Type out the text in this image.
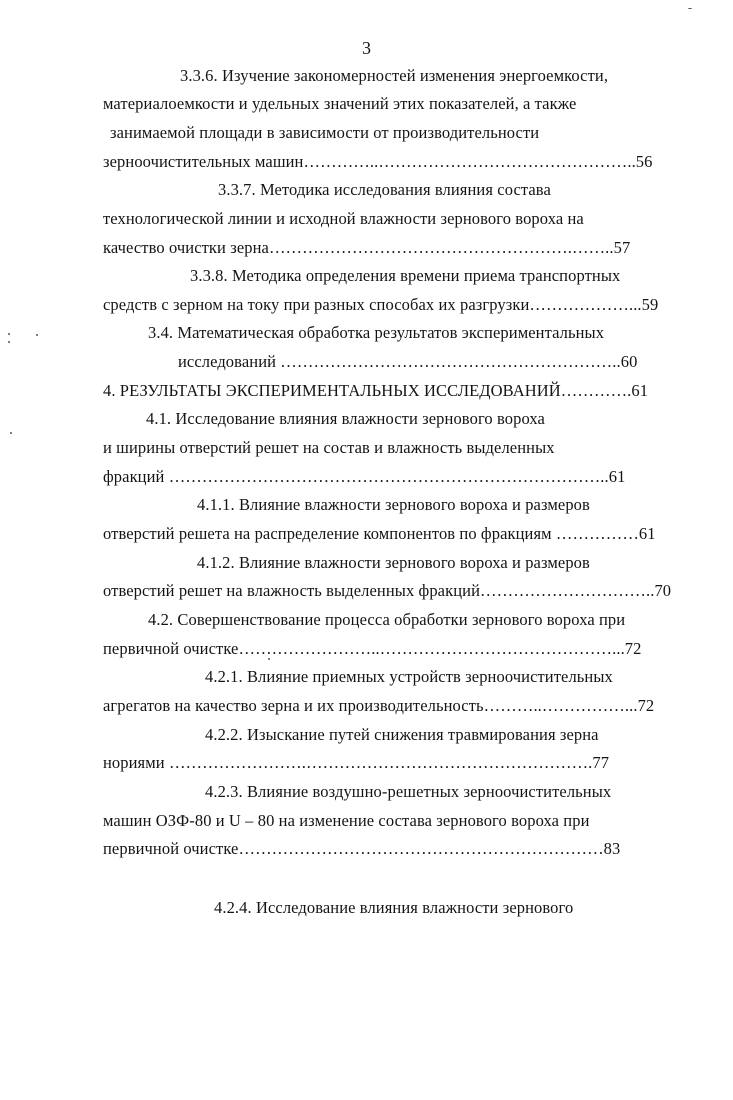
3
3.3.6. Изучение закономерностей изменения энергоемкости,
материалоемкости и удельных значений этих показателей, а также
занимаемой площади в зависимости от производительности
зерноочистительных машин…………..………………………………………..56
3.3.7. Методика исследования влияния состава
технологической линии и исходной влажности зернового вороха на
качество очистки зерна……………………………………………….……..57
3.3.8. Методика определения времени приема транспортных
средств с зерном на току при разных способах их разгрузки………………...59
3.4. Математическая обработка результатов экспериментальных
исследований ……………………………………………………..60
4. РЕЗУЛЬТАТЫ ЭКСПЕРИМЕНТАЛЬНЫХ ИССЛЕДОВАНИЙ………….61
4.1. Исследование влияния влажности зернового вороха
и ширины отверстий решет на состав и влажность выделенных
фракций ……………………………………………………………………..61
4.1.1. Влияние влажности зернового вороха и размеров
отверстий решета на распределение компонентов по фракциям ……………61
4.1.2. Влияние влажности зернового вороха и размеров
отверстий решет на влажность выделенных фракций…………………………..70
4.2. Совершенствование процесса обработки зернового вороха при
первичной очистке……………………..……………………………………...72
4.2.1. Влияние приемных устройств зерноочистительных
агрегатов на качество зерна и их производительность………..……………...72
4.2.2. Изыскание путей снижения травмирования зерна
нориями …………………….…………………………………………….77
4.2.3. Влияние воздушно-решетных зерноочистительных
машин ОЗФ-80 и U – 80 на изменение состава зернового вороха при
первичной очистке…………………………………………………………83
4.2.4. Исследование влияния влажности зернового
